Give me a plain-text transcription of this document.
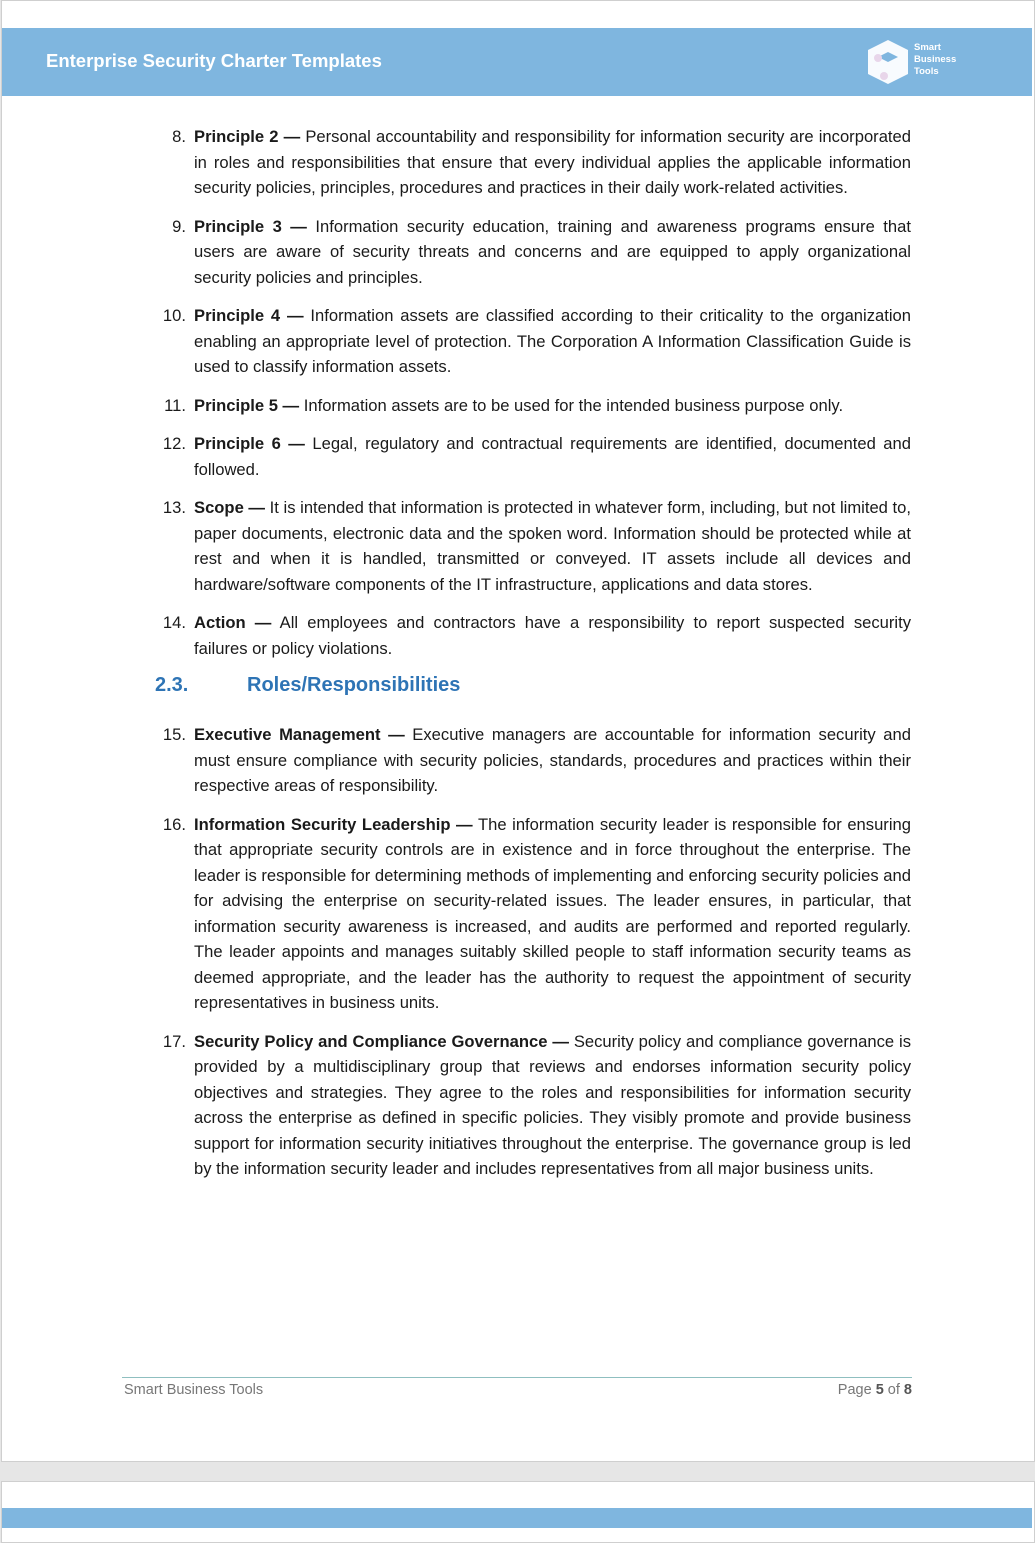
Enterprise Security Charter Templates
Smart
Business
Tools
8. Principle 2 — Personal accountability and responsibility for information security are incorporated in roles and responsibilities that ensure that every individual applies the applicable information security policies, principles, procedures and practices in their daily work-related activities.
9. Principle 3 — Information security education, training and awareness programs ensure that users are aware of security threats and concerns and are equipped to apply organizational security policies and principles.
10. Principle 4 — Information assets are classified according to their criticality to the organization enabling an appropriate level of protection. The Corporation A Information Classification Guide is used to classify information assets.
11. Principle 5 — Information assets are to be used for the intended business purpose only.
12. Principle 6 — Legal, regulatory and contractual requirements are identified, documented and followed.
13. Scope — It is intended that information is protected in whatever form, including, but not limited to, paper documents, electronic data and the spoken word. Information should be protected while at rest and when it is handled, transmitted or conveyed. IT assets include all devices and hardware/software components of the IT infrastructure, applications and data stores.
14. Action — All employees and contractors have a responsibility to report suspected security failures or policy violations.
2.3.	Roles/Responsibilities
15. Executive Management — Executive managers are accountable for information security and must ensure compliance with security policies, standards, procedures and practices within their respective areas of responsibility.
16. Information Security Leadership — The information security leader is responsible for ensuring that appropriate security controls are in existence and in force throughout the enterprise. The leader is responsible for determining methods of implementing and enforcing security policies and for advising the enterprise on security-related issues. The leader ensures, in particular, that information security awareness is increased, and audits are performed and reported regularly. The leader appoints and manages suitably skilled people to staff information security teams as deemed appropriate, and the leader has the authority to request the appointment of security representatives in business units.
17. Security Policy and Compliance Governance — Security policy and compliance governance is provided by a multidisciplinary group that reviews and endorses information security policy objectives and strategies. They agree to the roles and responsibilities for information security across the enterprise as defined in specific policies. They visibly promote and provide business support for information security initiatives throughout the enterprise. The governance group is led by the information security leader and includes representatives from all major business units.
Smart Business Tools	Page 5 of 8
